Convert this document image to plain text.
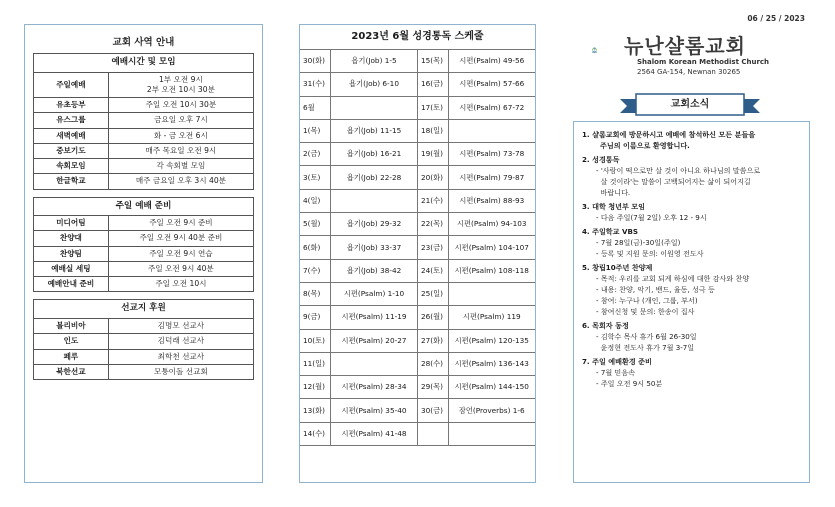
교회 사역 안내
예배시간 및 모임	
주일예배	1부 오전 9시
2부 오전 10시 30분

유초등부	주일 오전 10시 30분
유스그룹	금요일 오후 7시
새벽예배	화 - 금 오전 6시
중보기도	매주 목요일 오전 9시
속회모임	각 속회별 모임
한글학교	매주 금요일 오후 3시 40분
주일 예배 준비	
미디어팀	주일 오전 9시 준비
찬양대	주일 오전 9시 40분 준비
찬양팀	주일 오전 9시 연습
예배실 세팅	주일 오전 9시 40분
예배안내 준비	주일 오전 10시
선교지 후원	
볼리비아	김명모 선교사
인도	김덕래 선교사
페루	최학천 선교사
북한선교	모퉁이돌 선교회
2023년 6월 성경통독 스케줄
30(화)	욥기(Job) 1-5	15(목)	시편(Psalm) 49-56
31(수)	욥기(Job) 6-10	16(금)	시편(Psalm) 57-66
6월		17(토)	시편(Psalm) 67-72
1(목)	욥기(Job) 11-15	18(일)	
2(금)	욥기(Job) 16-21	19(월)	시편(Psalm) 73-78
3(토)	욥기(Job) 22-28	20(화)	시편(Psalm) 79-87
4(일)		21(수)	시편(Psalm) 88-93
5(월)	욥기(Job) 29-32	22(목)	시편(Psalm) 94-103
6(화)	욥기(Job) 33-37	23(금)	시편(Psalm) 104-107
7(수)	욥기(Job) 38-42	24(토)	시편(Psalm) 108-118
8(목)	시편(Psalm) 1-10	25(일)	
9(금)	시편(Psalm) 11-19	26(월)	시편(Psalm) 119
10(토)	시편(Psalm) 20-27	27(화)	시편(Psalm) 120-135
11(일)		28(수)	시편(Psalm) 136-143
12(월)	시편(Psalm) 28-34	29(목)	시편(Psalm) 144-150
13(화)	시편(Psalm) 35-40	30(금)	잠언(Proverbs) 1-6
14(수)	시편(Psalm) 41-48		
06 / 25 / 2023
뉴난샬롬교회
Shalom Korean Methodist Church
2564 GA-154, Newnan 30265
교회소식
1. 샬롬교회에 방문하시고 예배에 참석하신 모든 분들을
주님의 이름으로 환영합니다.
2. 성경통독
- '사람이 떡으로만 살 것이 아니요 하나님의 말씀으로
살 것이라'는 말씀이 고백되어지는 삶이 되어지길
바랍니다.
3. 대학 청년부 모임
- 다음 주일(7월 2일) 오후 12 - 9시
4. 주일학교 VBS
- 7월 28일(금)-30일(주일)
- 등록 및 지원 문의: 이원영 전도사
5. 창립10주년 찬양제
- 목적: 우리를 교회 되게 하심에 대한 감사와 찬양
- 내용: 찬양, 악기, 밴드, 율동, 성극 등
- 참여: 누구나 (개인, 그룹, 부서)
- 참여신청 및 문의: 한송이 집사
6. 목회자 동정
- 김학수 목사 휴가 6월 26-30일
윤정현 전도사 휴가 7월 3-7일
7. 주일 예배환경 준비
- 7월 믿음속
- 주일 오전 9시 50분
